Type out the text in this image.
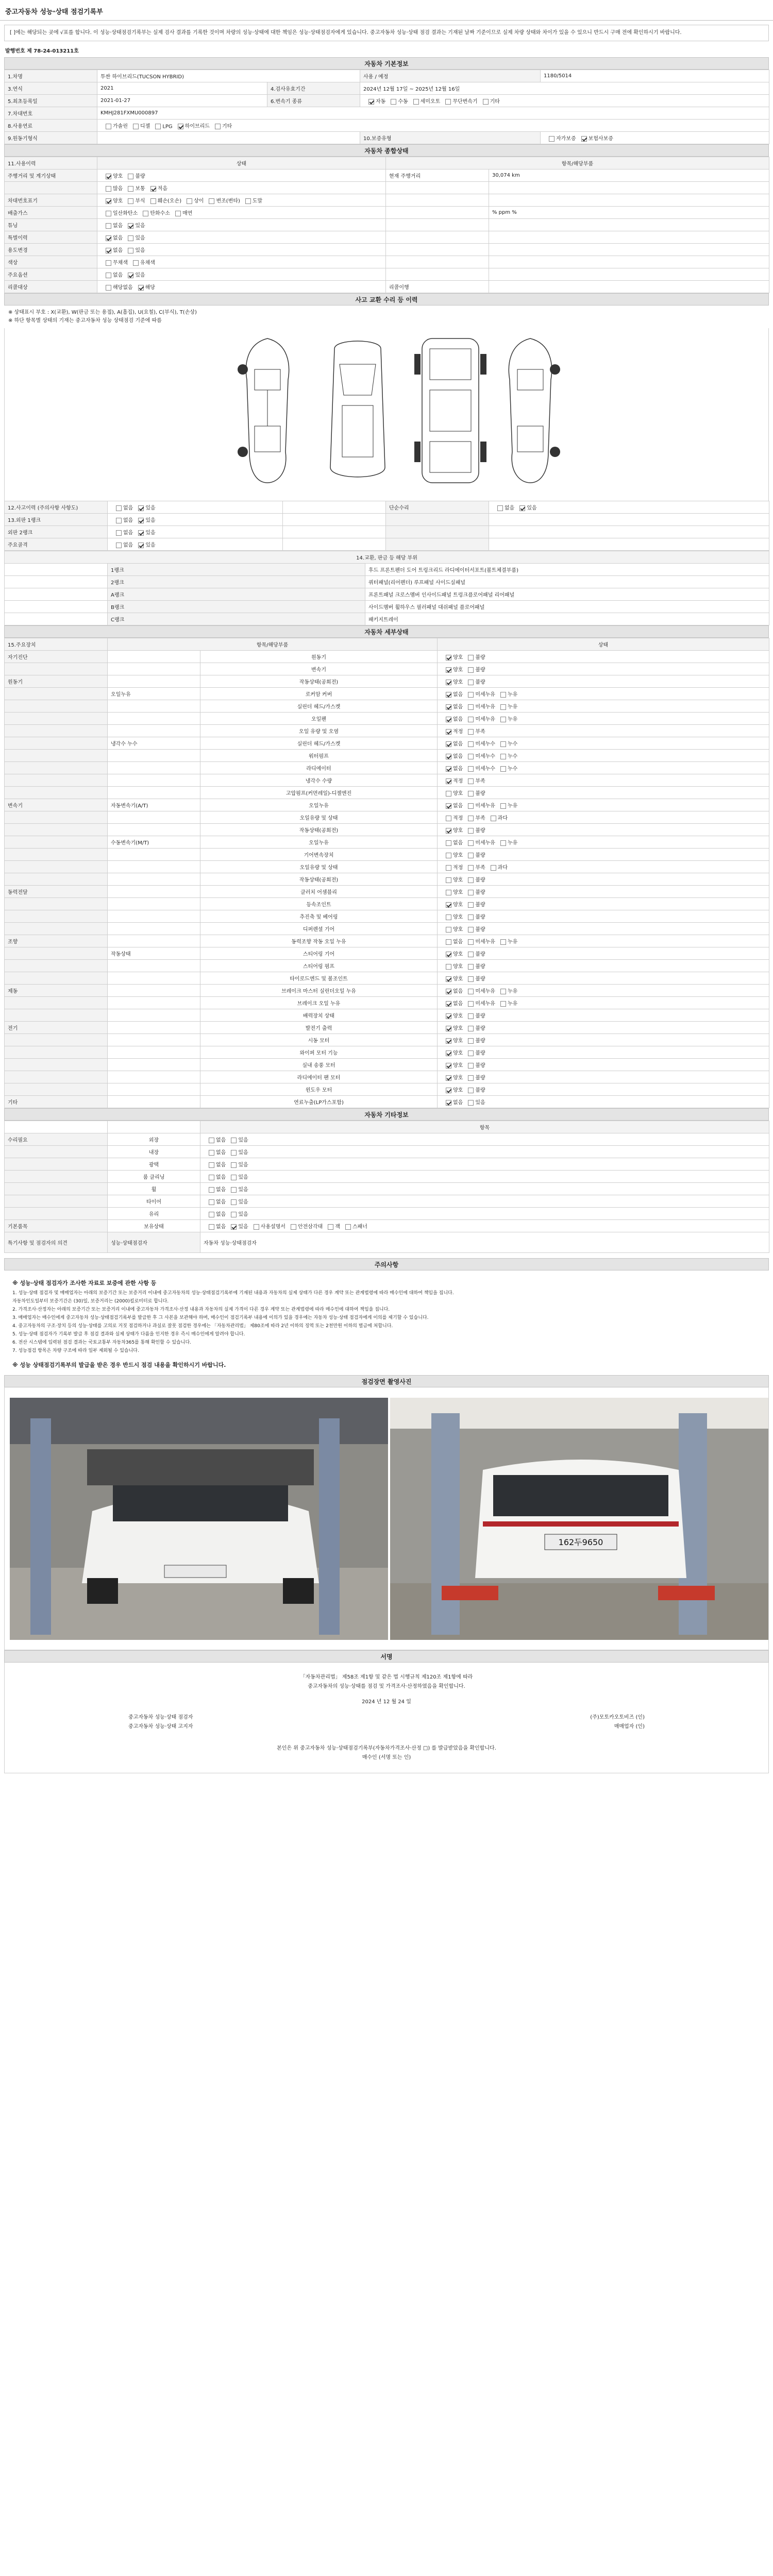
중고자동차 성능·상태 점검기록부
[ ]에는 해당되는 곳에 √표를 합니다. 이 성능·상태점검기록부는 실제 검사 결과를 기록한 것이며 차량의 성능·상태에 대한 책임은 성능·상태점검자에게 있습니다. 중고자동차 성능·상태 점검 결과는 기재된 날짜 기준이므로 실제 차량 상태와 차이가 있을 수 있으니 반드시 구매 전에 확인하시기 바랍니다.
발행번호 제 78-24-013211호
자동차 기본정보
1.차명	투싼 하이브리드(TUCSON HYBRID)		사용 / 예정	1180/5014
3.연식	2021	4.검사유효기간	2024년 12월 17일 ~ 2025년 12월 16일	
5.최초등록일	2021-01-27	6.변속기 종류	자동 수동 세미오토 무단변속기 기타	
7.차대번호	KMHJ281FXMU000897			
8.사용연료	가솔린 디젤 LPG 하이브리드 기타			
9.원동기형식			10.보증유형	자가보증 보험사보증
자동차 종합상태
11.사용이력	상태	항목/해당부품	
주행거리 및 계기상태	양호 불량	현재 주행거리	30,074 km
	많음 보통 적음		
차대번호표기	양호 부식 훼손(오손) 상이 변조(변타) 도말		
배출가스	일산화탄소 탄화수소 매연		% ppm %
튜닝	없음 있음		
특별이력	없음 있음		
용도변경	없음 있음		
색상	무채색 유채색		
주요옵션	없음 있음		
리콜대상	해당없음 해당	리콜이행	
사고 교환 수리 등 이력
※ 상태표시 부호 : X(교환), W(판금 또는 용접), A(흠집), U(요철), C(부식), T(손상)
※ 하단 항목별 상태의 기재는 중고자동차 성능 상태점검 기준에 따름
12.사고이력 (주의사항 사항도)	없음 있음		단순수리	없음 있음
13.외판 1랭크	없음 있음			
외판 2랭크	없음 있음			
주요골격	없음 있음			
14.교환, 판금 등 해당 부위		
	1랭크	후드 프론트펜더 도어 트렁크리드 라디에이터서포트(볼트체결부품)
	2랭크	쿼터패널(리어펜더) 루프패널 사이드실패널
	A랭크	프론트패널 크로스멤버 인사이드패널 트렁크플로어패널 리어패널
	B랭크	사이드멤버 휠하우스 필러패널 대쉬패널 플로어패널
	C랭크	패키지트레이
자동차 세부상태
15.주요장치	항목/해당부품		상태
자기진단		원동기	양호 불량
		변속기	양호 불량
원동기		작동상태(공회전)	양호 불량
	오일누유	로커암 커버	없음 미세누유 누유
		실린더 헤드/가스켓	없음 미세누유 누유
		오일팬	없음 미세누유 누유
		오일 유량 및 오염	적정 부족
	냉각수 누수	실린더 헤드/가스켓	없음 미세누수 누수
		워터펌프	없음 미세누수 누수
		라디에이터	없음 미세누수 누수
		냉각수 수량	적정 부족
		고압펌프(커먼레일)-디젤엔진	양호 불량
변속기	자동변속기(A/T)	오일누유	없음 미세누유 누유
		오일유량 및 상태	적정 부족 과다
		작동상태(공회전)	양호 불량
	수동변속기(M/T)	오일누유	없음 미세누유 누유
		기어변속장치	양호 불량
		오일유량 및 상태	적정 부족 과다
		작동상태(공회전)	양호 불량
동력전달		클러치 어셈블리	양호 불량
		등속조인트	양호 불량
		추진축 및 베어링	양호 불량
		디퍼렌셜 기어	양호 불량
조향		동력조향 작동 오일 누유	없음 미세누유 누유
	작동상태	스티어링 기어	양호 불량
		스티어링 펌프	양호 불량
		타이로드엔드 및 볼조인트	양호 불량
제동		브레이크 마스터 실린더오일 누유	없음 미세누유 누유
		브레이크 오일 누유	없음 미세누유 누유
		배력장치 상태	양호 불량
전기		발전기 출력	양호 불량
		시동 모터	양호 불량
		와이퍼 모터 기능	양호 불량
		실내 송풍 모터	양호 불량
		라디에이터 팬 모터	양호 불량
		윈도우 모터	양호 불량
기타		연료누출(LP가스포함)	없음 있음
자동차 기타정보
		항목
수리필요	외장	없음 있음
	내장	없음 있음
	광택	없음 있음
	룸 클리닝	없음 있음
	휠	없음 있음
	타이어	없음 있음
	유리	없음 있음
기본품목	보유상태	없음 있음 사용설명서 안전삼각대 잭 스패너
특기사항 및 점검자의 의견	성능·상태점검자	자동차 성능·상태점검자
주의사항
※ 성능·상태 점검자가 조사한 자료로 보증에 관한 사항 등

1. 성능·상태 점검자 및 매매업자는 아래의 보증기간 또는 보증거리 이내에 중고자동차의 성능·상태점검기록부에 기재된 내용과 자동차의 실제 상태가 다른 경우 계약 또는 관계법령에 따라 매수인에 대하여 책임을 집니다.

자동차인도일부터 보증기간은 (30)일, 보증거리는 (2000)킬로미터로 합니다.

2. 가격조사·산정자는 아래의 보증기간 또는 보증거리 이내에 중고자동차 가격조사·산정 내용과 자동차의 실제 가격이 다른 경우 계약 또는 관계법령에 따라 매수인에 대하여 책임을 집니다.

3. 매매업자는 매수인에게 중고자동차 성능·상태점검기록부를 발급한 후 그 사본을 보관해야 하며, 매수인이 점검기록부 내용에 이의가 있을 경우에는 자동차 성능·상태 점검자에게 이의를 제기할 수 있습니다.

4. 중고자동차의 구조·장치 등의 성능·상태를 고의로 거짓 점검하거나 과실로 잘못 점검한 경우에는 「자동차관리법」 제80조에 따라 2년 이하의 징역 또는 2천만원 이하의 벌금에 처합니다.

5. 성능·상태 점검자가 기록부 발급 후 점검 결과와 실제 상태가 다름을 인지한 경우 즉시 매수인에게 알려야 합니다.

6. 전산 시스템에 입력된 점검 결과는 국토교통부 자동차365를 통해 확인할 수 있습니다.

7. 성능점검 항목은 차량 구조에 따라 일부 제외될 수 있습니다.

※ 성능 상태점검기록부의 발급을 받은 경우 반드시 점검 내용을 확인하시기 바랍니다.
점검장면 촬영사진
162두9650
서명
「자동차관리법」 제58조 제1항 및 같은 법 시행규칙 제120조 제1항에 따라
중고자동차의 성능·상태를 점검 및 가격조사·산정하였음을 확인합니다.
2024 년 12 월 24 일
중고자동차 성능·상태 점검자	(주)모토카오토비즈 (인)
중고자동차 성능·상태 고지자	매매업자 (인)
본인은 위 중고자동차 성능·상태점검기록부(자동차가격조사·산정 □) 를 발급받았음을 확인합니다.
매수인 (서명 또는 인)
